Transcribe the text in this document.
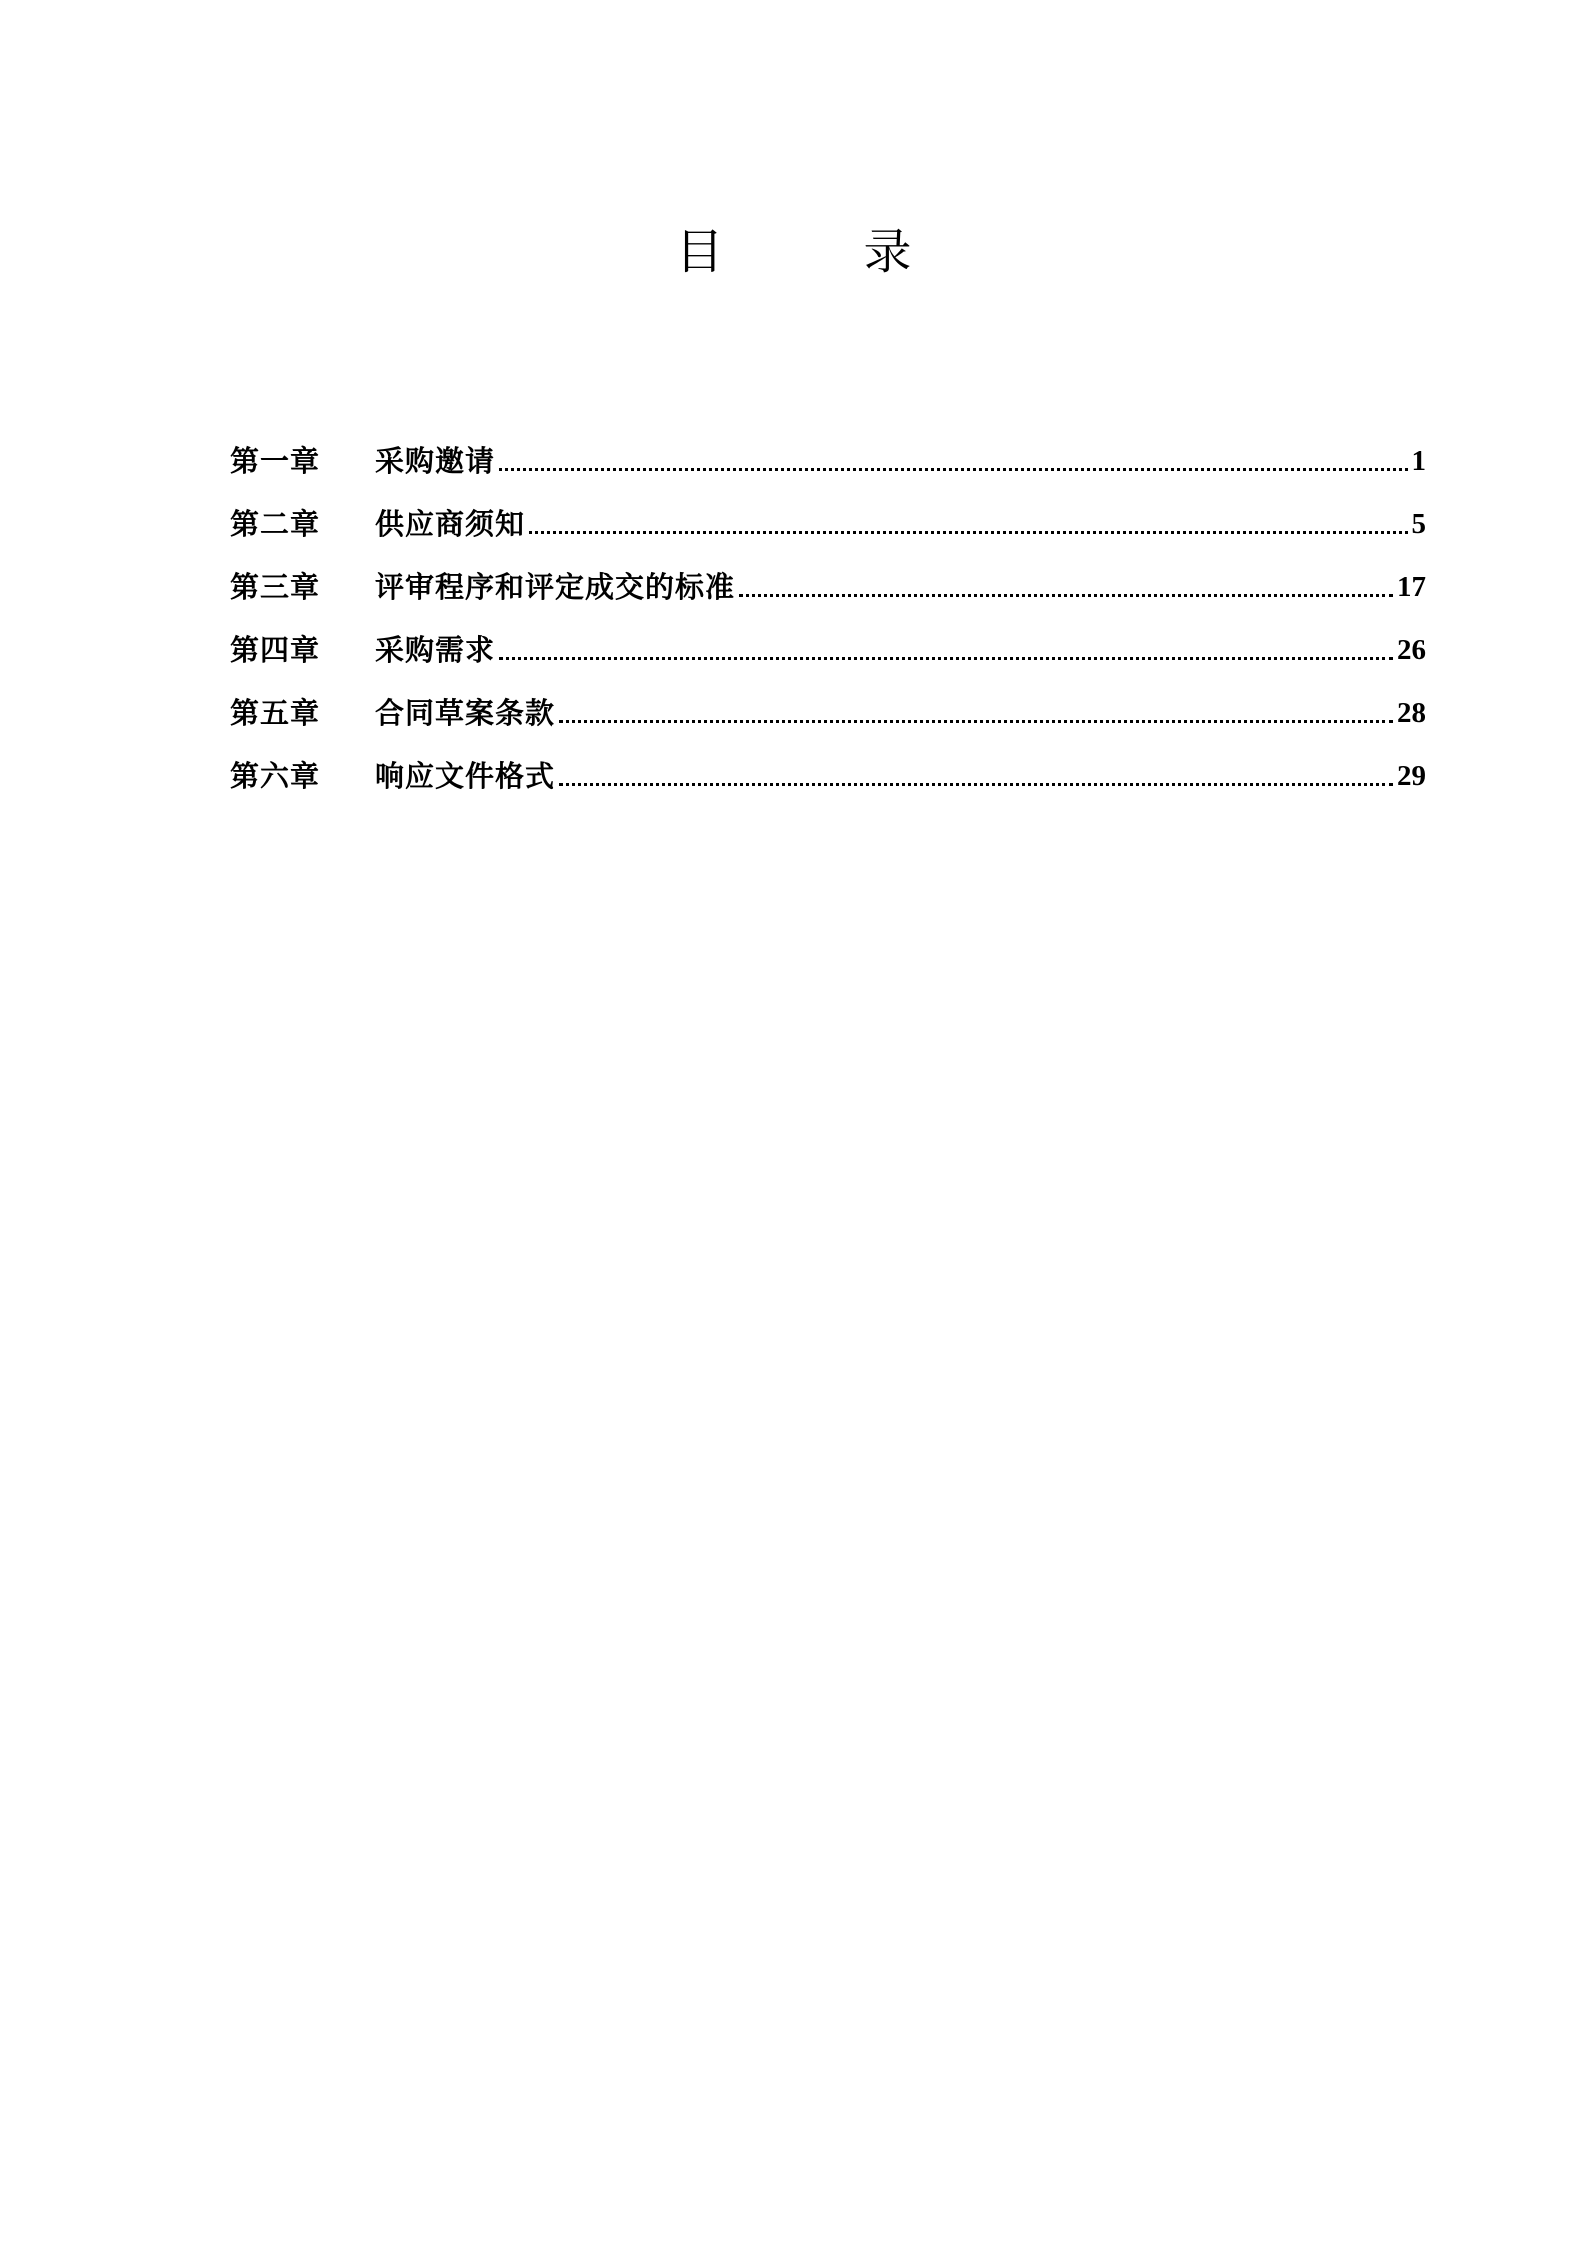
目	录
第一章	采购邀请	1
第二章	供应商须知	5
第三章	评审程序和评定成交的标准	17
第四章	采购需求	26
第五章	合同草案条款	28
第六章	响应文件格式	29
